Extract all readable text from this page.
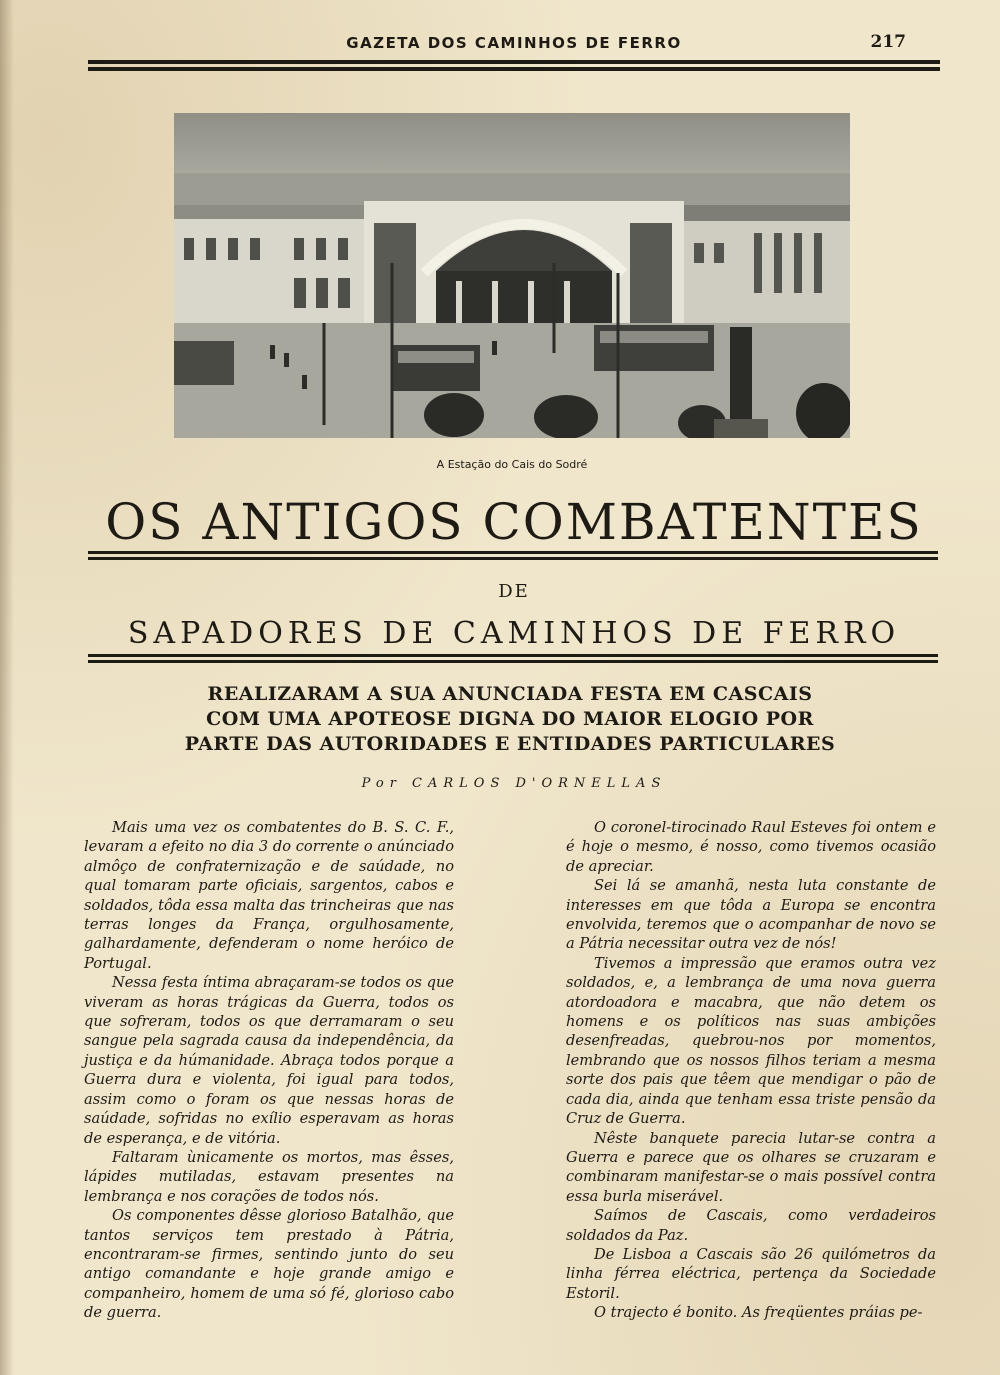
GAZETA DOS CAMINHOS DE FERRO	217
A Estação do Cais do Sodré
OS ANTIGOS COMBATENTES
DE
SAPADORES DE CAMINHOS DE FERRO
REALIZARAM A SUA ANUNCIADA FESTA EM CASCAIS
COM UMA APOTEOSE DIGNA DO MAIOR ELOGIO POR
PARTE DAS AUTORIDADES E ENTIDADES PARTICULARES
Por CARLOS D'ORNELLAS

Mais uma vez os combatentes do B. S. C. F., levaram a efeito no dia 3 do corrente o anúnciado almôço de confraternização e de saúdade, no qual tomaram parte oficiais, sargentos, cabos e soldados, tôda essa malta das trincheiras que nas terras longes da França, orgulhosamente, galhardamente, defenderam o nome heróico de Portugal.

Nessa festa íntima abraçaram-se todos os que viveram as horas trágicas da Guerra, todos os que sofreram, todos os que derramaram o seu sangue pela sagrada causa da independência, da justiça e da húmanidade. Abraça todos porque a Guerra dura e violenta, foi igual para todos, assim como o foram os que nessas horas de saúdade, sofridas no exílio esperavam as horas de esperança, e de vitória.

Faltaram ùnicamente os mortos, mas êsses, lápides mutiladas, estavam presentes na lembrança e nos corações de todos nós.

Os componentes dêsse glorioso Batalhão, que tantos serviços tem prestado à Pátria, encontraram-se firmes, sentindo junto do seu antigo comandante e hoje grande amigo e companheiro, homem de uma só fé, glorioso cabo de guerra.

O coronel-tirocinado Raul Esteves foi ontem e é hoje o mesmo, é nosso, como tivemos ocasião de apreciar.

Sei lá se amanhã, nesta luta constante de interesses em que tôda a Europa se encontra envolvida, teremos que o acompanhar de novo se a Pátria necessitar outra vez de nós!

Tivemos a impressão que eramos outra vez soldados, e, a lembrança de uma nova guerra atordoadora e macabra, que não detem os homens e os políticos nas suas ambições desenfreadas, quebrou-nos por momentos, lembrando que os nossos filhos teriam a mesma sorte dos pais que têem que mendigar o pão de cada dia, ainda que tenham essa triste pensão da Cruz de Guerra.

Nêste banquete parecia lutar-se contra a Guerra e parece que os olhares se cruzaram e combinaram manifestar-se o mais possível contra essa burla miserável.

Saímos de Cascais, como verdadeiros soldados da Paz.

De Lisboa a Cascais são 26 quilómetros da linha férrea eléctrica, pertença da Sociedade Estoril.

O trajecto é bonito. As freqüentes práias pe-
